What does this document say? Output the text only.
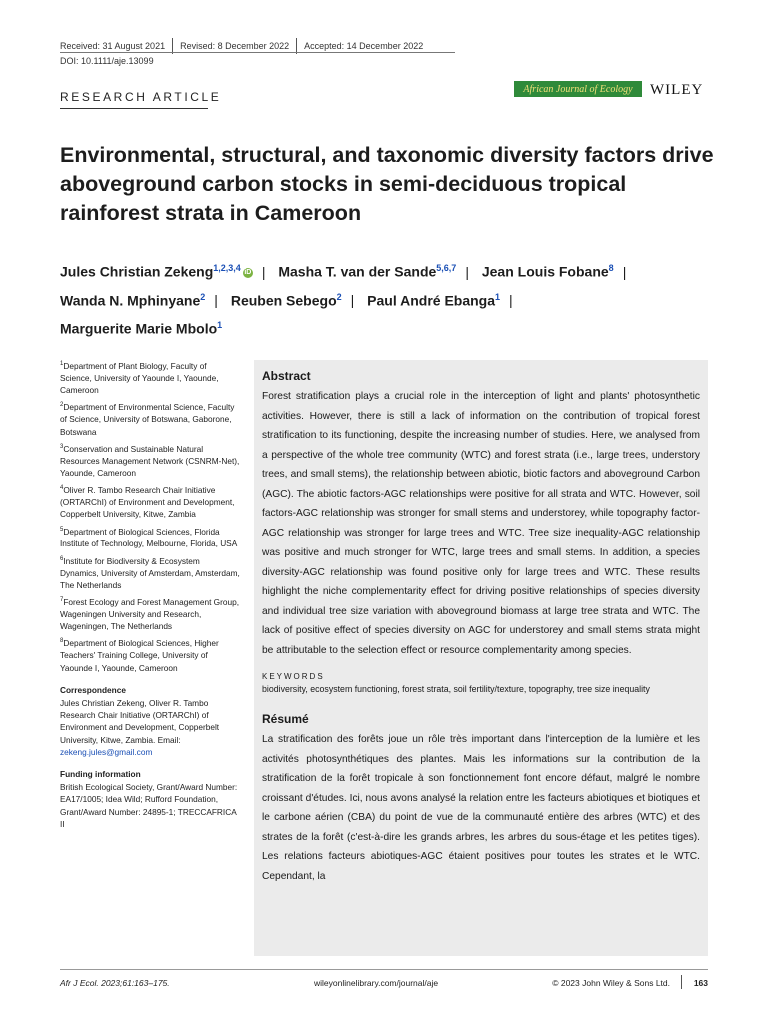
Received: 31 August 2021 Revised: 8 December 2022 Accepted: 14 December 2022
DOI: 10.1111/aje.13099
RESEARCH ARTICLE
African Journal of Ecology	WILEY
Environmental, structural, and taxonomic diversity factors drive aboveground carbon stocks in semi-deciduous tropical rainforest strata in Cameroon
Jules Christian Zekeng$^{1,2,3,4}$ iD | Masha T. van der Sande$^{5,6,7}$ | Jean Louis Fobane$^8$ |
Wanda N. Mphinyane$^2$ | Reuben Sebego$^2$ | Paul André Ebanga$^1$ |
Marguerite Marie Mbolo$^1$

$^1$Department of Plant Biology, Faculty of Science, University of Yaounde I, Yaounde, Cameroon

$^2$Department of Environmental Science, Faculty of Science, University of Botswana, Gaborone, Botswana

$^3$Conservation and Sustainable Natural Resources Management Network (CSNRM-Net), Yaounde, Cameroon

$^4$Oliver R. Tambo Research Chair Initiative (ORTARChI) of Environment and Development, Copperbelt University, Kitwe, Zambia

$^5$Department of Biological Sciences, Florida Institute of Technology, Melbourne, Florida, USA

$^6$Institute for Biodiversity & Ecosystem Dynamics, University of Amsterdam, Amsterdam, The Netherlands

$^7$Forest Ecology and Forest Management Group, Wageningen University and Research, Wageningen, The Netherlands

$^8$Department of Biological Sciences, Higher Teachers' Training College, University of Yaounde I, Yaounde, Cameroon

Correspondence
Jules Christian Zekeng, Oliver R. Tambo Research Chair Initiative (ORTARChI) of Environment and Development, Copperbelt University, Kitwe, Zambia. Email: zekeng.jules@gmail.com
Funding information
British Ecological Society, Grant/Award Number: EA17/1005; Idea Wild; Rufford Foundation, Grant/Award Number: 24895-1; TRECCAFRICA II

Abstract

Forest stratification plays a crucial role in the interception of light and plants' photosynthetic activities. However, there is still a lack of information on the contribution of tropical forest stratification to its functioning, despite the increasing number of studies. Here, we analysed from a perspective of the whole tree community (WTC) and forest strata (i.e., large trees, understory trees, and small stems), the relationship between abiotic, biotic factors and aboveground Carbon (AGC). The abiotic factors-AGC relationships were positive for all strata and WTC. However, soil factors-AGC relationship was stronger for small stems and understorey, while topography factor-AGC relationship was stronger for large trees and WTC. Tree size inequality-AGC relationship was positive and much stronger for WTC, large trees and small stems. In addition, a species diversity-AGC relationship was found positive only for large trees and WTC. These results highlight the niche complementarity effect for driving positive relationships of species diversity and individual tree size variation with aboveground biomass at large tree strata and WTC. The lack of positive effect of species diversity on AGC for understorey and small stems strata might be attributable to the selection effect or resource complementarity among species.

KEYWORDS

biodiversity, ecosystem functioning, forest strata, soil fertility/texture, topography, tree size inequality

Résumé

La stratification des forêts joue un rôle très important dans l'interception de la lumière et les activités photosynthétiques des plantes. Mais les informations sur la contribution de la stratification de la forêt tropicale à son fonctionnement font encore défaut, malgré le nombre croissant d'études. Ici, nous avons analysé la relation entre les facteurs abiotiques et biotiques et le carbone aérien (CBA) du point de vue de la communauté entière des arbres (WTC) et des strates de la forêt (c'est-à-dire les grands arbres, les arbres du sous-étage et les petites tiges). Les relations facteurs abiotiques-AGC étaient positives pour toutes les strates et le WTC. Cependant, la

Afr J Ecol. 2023;61:163–175.	wileyonlinelibrary.com/journal/aje	© 2023 John Wiley & Sons Ltd.	163
